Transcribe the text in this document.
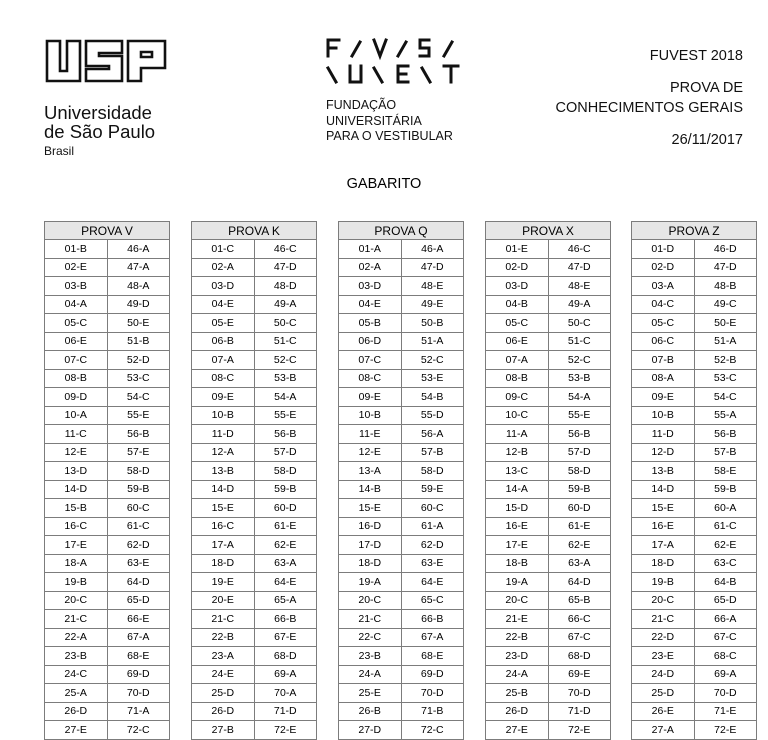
Universidade
de São Paulo
Brasil
FUNDAÇÃO
UNIVERSITÁRIA
PARA O VESTIBULAR
FUVEST 2018
PROVA DE
CONHECIMENTOS GERAIS
26/11/2017
GABARITO
PROVA V	
01-B	46-A
02-E	47-A
03-B	48-A
04-A	49-D
05-C	50-E
06-E	51-B
07-C	52-D
08-B	53-C
09-D	54-C
10-A	55-E
11-C	56-B
12-E	57-E
13-D	58-D
14-D	59-B
15-B	60-C
16-C	61-C
17-E	62-D
18-A	63-E
19-B	64-D
20-C	65-D
21-C	66-E
22-A	67-A
23-B	68-E
24-C	69-D
25-A	70-D
26-D	71-A
27-E	72-C
PROVA K	
01-C	46-C
02-A	47-D
03-D	48-D
04-E	49-A
05-E	50-C
06-B	51-C
07-A	52-C
08-C	53-B
09-E	54-A
10-B	55-E
11-D	56-B
12-A	57-D
13-B	58-D
14-D	59-B
15-E	60-D
16-C	61-E
17-A	62-E
18-D	63-A
19-E	64-E
20-E	65-A
21-C	66-B
22-B	67-E
23-A	68-D
24-E	69-A
25-D	70-A
26-D	71-D
27-B	72-E
PROVA Q	
01-A	46-A
02-A	47-D
03-D	48-E
04-E	49-E
05-B	50-B
06-D	51-A
07-C	52-C
08-C	53-E
09-E	54-B
10-B	55-D
11-E	56-A
12-E	57-B
13-A	58-D
14-B	59-E
15-E	60-C
16-D	61-A
17-D	62-D
18-D	63-E
19-A	64-E
20-C	65-C
21-C	66-B
22-C	67-A
23-B	68-E
24-A	69-D
25-E	70-D
26-B	71-B
27-D	72-C
PROVA X	
01-E	46-C
02-D	47-D
03-D	48-E
04-B	49-A
05-C	50-C
06-E	51-C
07-A	52-C
08-B	53-B
09-C	54-A
10-C	55-E
11-A	56-B
12-B	57-D
13-C	58-D
14-A	59-B
15-D	60-D
16-E	61-E
17-E	62-E
18-B	63-A
19-A	64-D
20-C	65-B
21-E	66-C
22-B	67-C
23-D	68-D
24-A	69-E
25-B	70-D
26-D	71-D
27-E	72-E
PROVA Z	
01-D	46-D
02-D	47-D
03-A	48-B
04-C	49-C
05-C	50-E
06-C	51-A
07-B	52-B
08-A	53-C
09-E	54-C
10-B	55-A
11-D	56-B
12-D	57-B
13-B	58-E
14-D	59-B
15-E	60-A
16-E	61-C
17-A	62-E
18-D	63-C
19-B	64-B
20-C	65-D
21-C	66-A
22-D	67-C
23-E	68-C
24-D	69-A
25-D	70-D
26-E	71-E
27-A	72-E
